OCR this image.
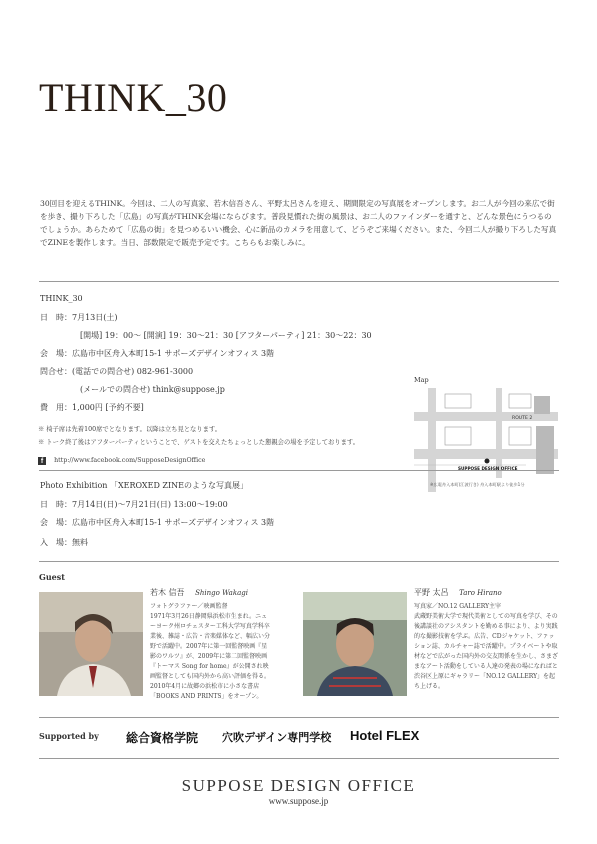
THINK_30
30回目を迎えるTHINK。今回は、二人の写真家、若木信吾さん、平野太呂さんを迎え、期間限定の写真展をオープンします。お二人が今回の来広で街を歩き、撮り下ろした「広島」の写真がTHINK会場にならびます。普段見慣れた街の風景は、お二人のファインダーを通すと、どんな景色にうつるのでしょうか。あらためて「広島の街」を見つめるいい機会、心に新品のカメラを用意して、どうぞご来場ください。また、今回二人が撮り下ろした写真でZINEを製作します。当日、部数限定で販売予定です。こちらもお楽しみに。
THINK_30
日　時：7月13日(土)
[開場] 19：00〜 [開演] 19：30〜21：30 [アフターパーティ] 21：30〜22：30
会　場：広島市中区舟入本町15-1 サポーズデザインオフィス 3階
問合せ：(電話での問合せ) 082-961-3000
(メールでの問合せ) think@suppose.jp
費　用：1,000円 [予約不要]
※ 椅子席は先着100席でとなります。以降は立ち見となります。
※ トーク終了後はアフターパーティということで、ゲストを交えたちょっとした懇親会の場を予定しております。
f http://www.facebook.com/SupposeDesignOffice
Map
ROUTE 2
SUPPOSE DESIGN OFFICE
※広電舟入本町(江波行き) 舟入本町駅より徒歩1分
Photo Exhibition 「XEROXED ZINEのような写真展」
日　時：7月14日(日)〜7月21日(日) 13:00〜19:00
会　場：広島市中区舟入本町15-1 サポーズデザインオフィス 3階
入　場：無料
Guest
若木 信吾 Shingo Wakagi
フォトグラファー／映画監督
1971年3月26日静岡県浜松市生まれ。ニューヨーク州ロチェスター工科大学写真学科卒業後、雑誌・広告・音楽媒体など、幅広い分野で活躍中。2007年に第一回監督映画『星影のワルツ』が、2009年に第二回監督映画『トーマス Song for home』が公開され映画監督としても国内外から高い評価を得る。2010年4月に故郷の浜松市に小さな書店「BOOKS AND PRINTS」をオープン。
平野 太呂 Taro Hirano
写真家／NO.12 GALLERY主宰
武蔵野美術大学で現代美術としての写真を学び、その後講談社のアシスタントを勤める事により、より実践的な撮影技術を学ぶ。広告、CDジャケット、ファッション誌、カルチャー誌で活躍中。プライベートや取材などで広がった国内外の交友関係を生かし、さまざまなアート活動をしている人達の発表の場になればと渋谷区上原にギャラリー「NO.12 GALLERY」を起ち上げる。
Supported by 総合資格学院 穴吹デザイン専門学校 Hotel FLEX
SUPPOSE DESIGN OFFICE
www.suppose.jp
